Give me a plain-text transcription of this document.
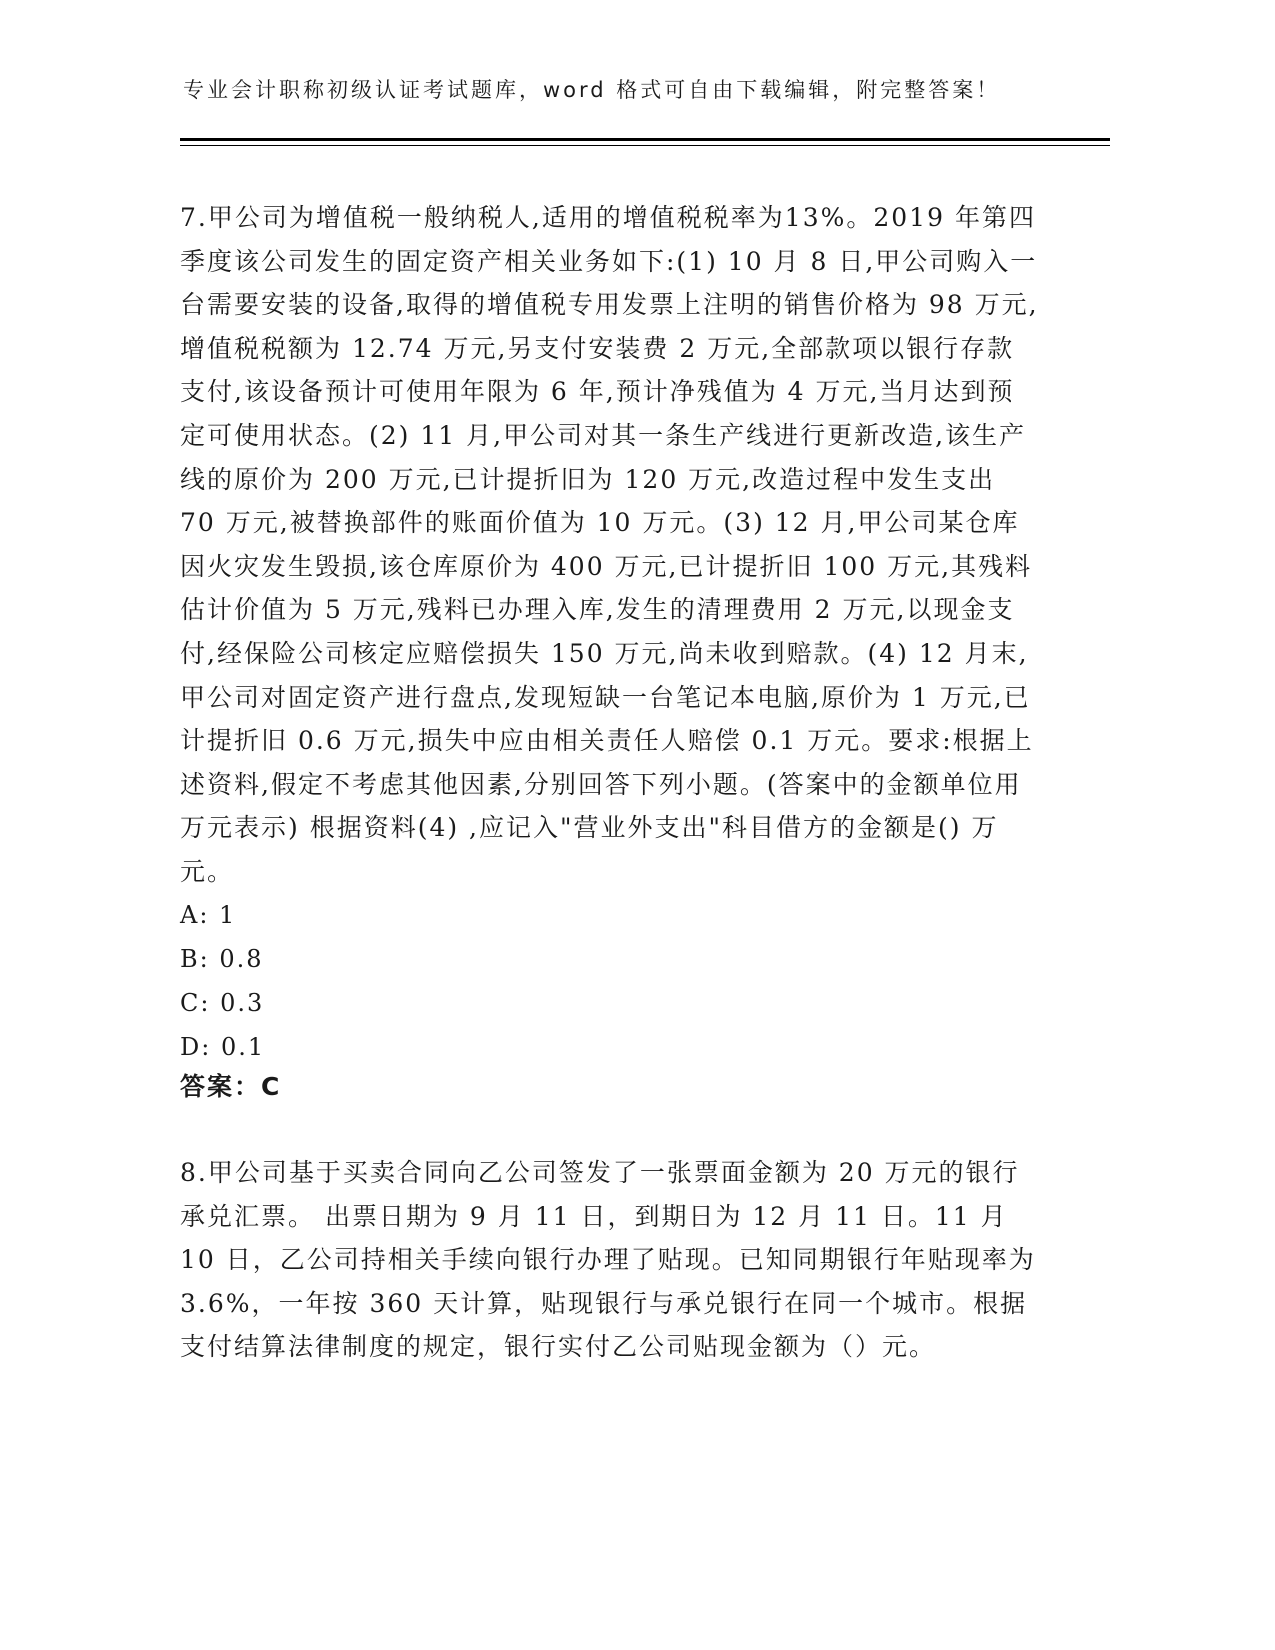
专业会计职称初级认证考试题库，word 格式可自由下载编辑，附完整答案！

7.甲公司为增值税一般纳税人,适用的增值税税率为13%。2019 年第四季度该公司发生的固定资产相关业务如下:(1) 10 月 8 日,甲公司购入一台需要安装的设备,取得的增值税专用发票上注明的销售价格为 98 万元,增值税税额为 12.74 万元,另支付安装费 2 万元,全部款项以银行存款支付,该设备预计可使用年限为 6 年,预计净残值为 4 万元,当月达到预定可使用状态。(2) 11 月,甲公司对其一条生产线进行更新改造,该生产线的原价为 200 万元,已计提折旧为 120 万元,改造过程中发生支出 70 万元,被替换部件的账面价值为 10 万元。(3) 12 月,甲公司某仓库因火灾发生毁损,该仓库原价为 400 万元,已计提折旧 100 万元,其残料估计价值为 5 万元,残料已办理入库,发生的清理费用 2 万元,以现金支付,经保险公司核定应赔偿损失 150 万元,尚未收到赔款。(4) 12 月末,甲公司对固定资产进行盘点,发现短缺一台笔记本电脑,原价为 1 万元,已计提折旧 0.6 万元,损失中应由相关责任人赔偿 0.1 万元。要求:根据上述资料,假定不考虑其他因素,分别回答下列小题。(答案中的金额单位用万元表示) 根据资料(4) ,应记入"营业外支出"科目借方的金额是() 万元。

A: 1
B: 0.8
C: 0.3
D: 0.1
答案：C

8.甲公司基于买卖合同向乙公司签发了一张票面金额为 20 万元的银行承兑汇票。 出票日期为 9 月 11 日，到期日为 12 月 11 日。11 月 10 日，乙公司持相关手续向银行办理了贴现。已知同期银行年贴现率为 3.6%，一年按 360 天计算，贴现银行与承兑银行在同一个城市。根据支付结算法律制度的规定，银行实付乙公司贴现金额为（）元。
